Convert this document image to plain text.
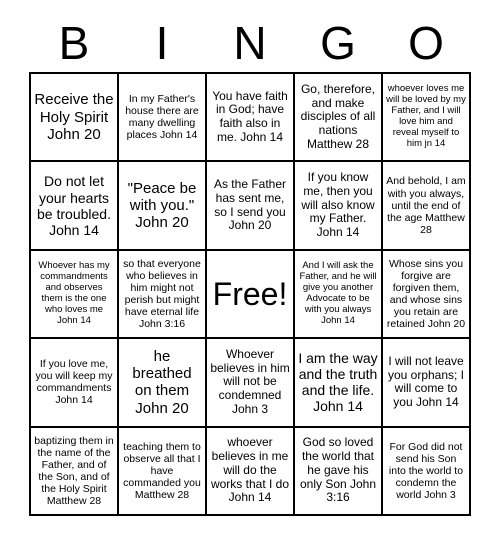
B	I	N	G	O
Receive the Holy Spirit John 20
In my Father's house there are many dwelling places John 14
You have faith in God; have faith also in me. John 14
Go, therefore, and make disciples of all nations Matthew 28
whoever loves me will be loved by my Father, and I will love him and reveal myself to him jn 14
Do not let your hearts be troubled. John 14
"Peace be with you." John 20
As the Father has sent me, so I send you John 20
If you know me, then you will also know my Father. John 14
And behold, I am with you always, until the end of the age Matthew 28
Whoever has my commandments and observes them is the one who loves me John 14
so that everyone who believes in him might not perish but might have eternal life John 3:16
Free!
And I will ask the Father, and he will give you another Advocate to be with you always John 14
Whose sins you forgive are forgiven them, and whose sins you retain are retained John 20
If you love me, you will keep my commandments John 14
he breathed on them John 20
Whoever believes in him will not be condemned John 3
I am the way and the truth and the life. John 14
I will not leave you orphans; I will come to you John 14
baptizing them in the name of the Father, and of the Son, and of the Holy Spirit Matthew 28
teaching them to observe all that I have commanded you Matthew 28
whoever believes in me will do the works that I do John 14
God so loved the world that he gave his only Son John 3:16
For God did not send his Son into the world to condemn the world John 3
